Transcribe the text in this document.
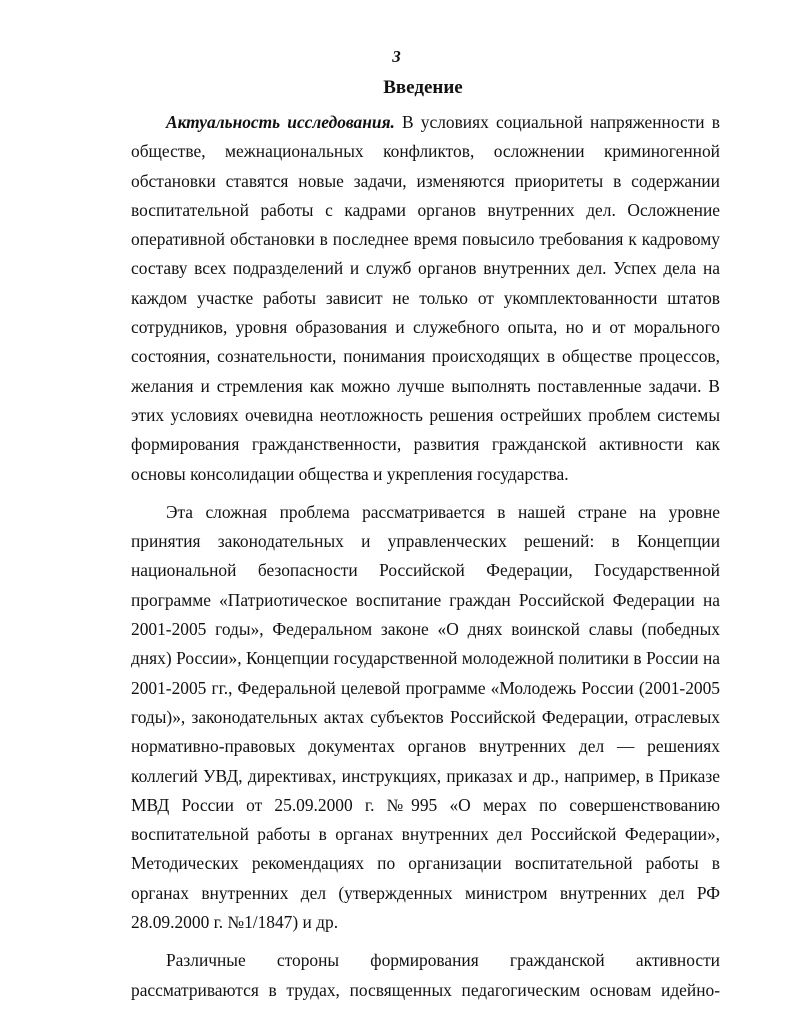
3
Введение

Актуальность исследования. В условиях социальной напряженности в обществе, межнациональных конфликтов, осложнении криминогенной обстановки ставятся новые задачи, изменяются приоритеты в содержании воспитательной работы с кадрами органов внутренних дел. Осложнение оперативной обстановки в последнее время повысило требования к кадровому составу всех подразделений и служб органов внутренних дел. Успех дела на каждом участке работы зависит не только от укомплектованности штатов сотрудников, уровня образования и служебного опыта, но и от морального состояния, сознательности, понимания происходящих в обществе процессов, желания и стремления как можно лучше выполнять поставленные задачи. В этих условиях очевидна неотложность решения острейших проблем системы формирования гражданственности, развития гражданской активности как основы консолидации общества и укрепления государства.

Эта сложная проблема рассматривается в нашей стране на уровне принятия законодательных и управленческих решений: в Концепции национальной безопасности Российской Федерации, Государственной программе «Патриотическое воспитание граждан Российской Федерации на 2001-2005 годы», Федеральном законе «О днях воинской славы (победных днях) России», Концепции государственной молодежной политики в России на 2001-2005 гг., Федеральной целевой программе «Молодежь России (2001-2005 годы)», законодательных актах субъектов Российской Федерации, отраслевых нормативно-правовых документах органов внутренних дел — решениях коллегий УВД, директивах, инструкциях, приказах и др., например, в Приказе МВД России от 25.09.2000 г. №995 «О мерах по совершенствованию воспитательной работы в органах внутренних дел Российской Федерации», Методических рекомендациях по организации воспитательной работы в органах внутренних дел (утвержденных министром внутренних дел РФ 28.09.2000 г. №1/1847) и др.

Различные стороны формирования гражданской активности рассматриваются в трудах, посвященных педагогическим основам идейно-
